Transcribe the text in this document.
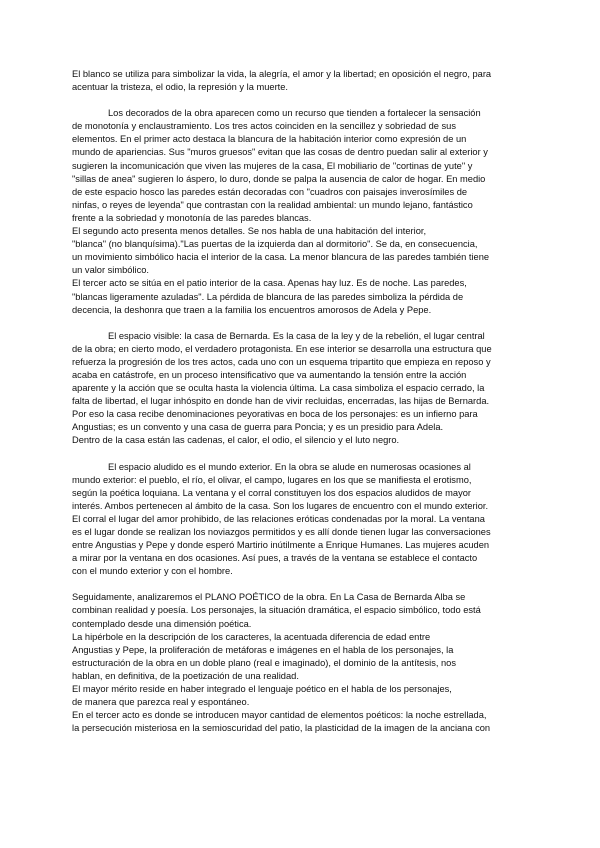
El blanco se utiliza para simbolizar la vida, la alegría, el amor y la libertad; en oposición el negro, para
acentuar la tristeza, el odio, la represión y la muerte.
Los decorados de la obra aparecen como un recurso que tienden a fortalecer la sensación
de monotonía y enclaustramiento. Los tres actos coinciden en la sencillez y sobriedad de sus
elementos. En el primer acto destaca la blancura de la habitación interior como expresión de un
mundo de apariencias. Sus "muros gruesos" evitan que las cosas de dentro puedan salir al exterior y
sugieren la incomunicación que viven las mujeres de la casa, El mobiliario de "cortinas de yute" y
"sillas de anea" sugieren lo áspero, lo duro, donde se palpa la ausencia de calor de hogar. En medio
de este espacio hosco las paredes están decoradas con "cuadros con paisajes inverosímiles de
ninfas, o reyes de leyenda" que contrastan con la realidad ambiental: un mundo lejano, fantástico
frente a la sobriedad y monotonía de las paredes blancas.
El segundo acto presenta menos detalles. Se nos habla de una habitación del interior,
"blanca" (no blanquísima)."Las puertas de la izquierda dan al dormitorio". Se da, en consecuencia,
un movimiento simbólico hacia el interior de la casa. La menor blancura de las paredes también tiene
un valor simbólico.
El tercer acto se sitúa en el patio interior de la casa. Apenas hay luz. Es de noche. Las paredes,
"blancas ligeramente azuladas". La pérdida de blancura de las paredes simboliza la pérdida de
decencia, la deshonra que traen a la familia los encuentros amorosos de Adela y Pepe.
El espacio visible: la casa de Bernarda. Es la casa de la ley y de la rebelión, el lugar central
de la obra; en cierto modo, el verdadero protagonista. En ese interior se desarrolla una estructura que
refuerza la progresión de los tres actos, cada uno con un esquema tripartito que empieza en reposo y
acaba en catástrofe, en un proceso intensificativo que va aumentando la tensión entre la acción
aparente y la acción que se oculta hasta la violencia última. La casa simboliza el espacio cerrado, la
falta de libertad, el lugar inhóspito en donde han de vivir recluidas, encerradas, las hijas de Bernarda.
Por eso la casa recibe denominaciones peyorativas en boca de los personajes: es un infierno para
Angustias; es un convento y una casa de guerra para Poncia; y es un presidio para Adela.
Dentro de la casa están las cadenas, el calor, el odio, el silencio y el luto negro.
El espacio aludido es el mundo exterior. En la obra se alude en numerosas ocasiones al
mundo exterior: el pueblo, el río, el olivar, el campo, lugares en los que se manifiesta el erotismo,
según la poética loquiana. La ventana y el corral constituyen los dos espacios aludidos de mayor
interés. Ambos pertenecen al ámbito de la casa. Son los lugares de encuentro con el mundo exterior.
El corral el lugar del amor prohibido, de las relaciones eróticas condenadas por la moral. La ventana
es el lugar donde se realizan los noviazgos permitidos y es allí donde tienen lugar las conversaciones
entre Angustias y Pepe y donde esperó Martirio inútilmente a Enrique Humanes. Las mujeres acuden
a mirar por la ventana en dos ocasiones. Así pues, a través de la ventana se establece el contacto
con el mundo exterior y con el hombre.
Seguidamente, analizaremos el PLANO POÉTICO de la obra. En La Casa de Bernarda Alba se
combinan realidad y poesía. Los personajes, la situación dramática, el espacio simbólico, todo está
contemplado desde una dimensión poética.
La hipérbole en la descripción de los caracteres, la acentuada diferencia de edad entre
Angustias y Pepe, la proliferación de metáforas e imágenes en el habla de los personajes, la
estructuración de la obra en un doble plano (real e imaginado), el dominio de la antítesis, nos
hablan, en definitiva, de la poetización de una realidad.
El mayor mérito reside en haber integrado el lenguaje poético en el habla de los personajes,
de manera que parezca real y espontáneo.
En el tercer acto es donde se introducen mayor cantidad de elementos poéticos: la noche estrellada,
la persecución misteriosa en la semioscuridad del patio, la plasticidad de la imagen de la anciana con
